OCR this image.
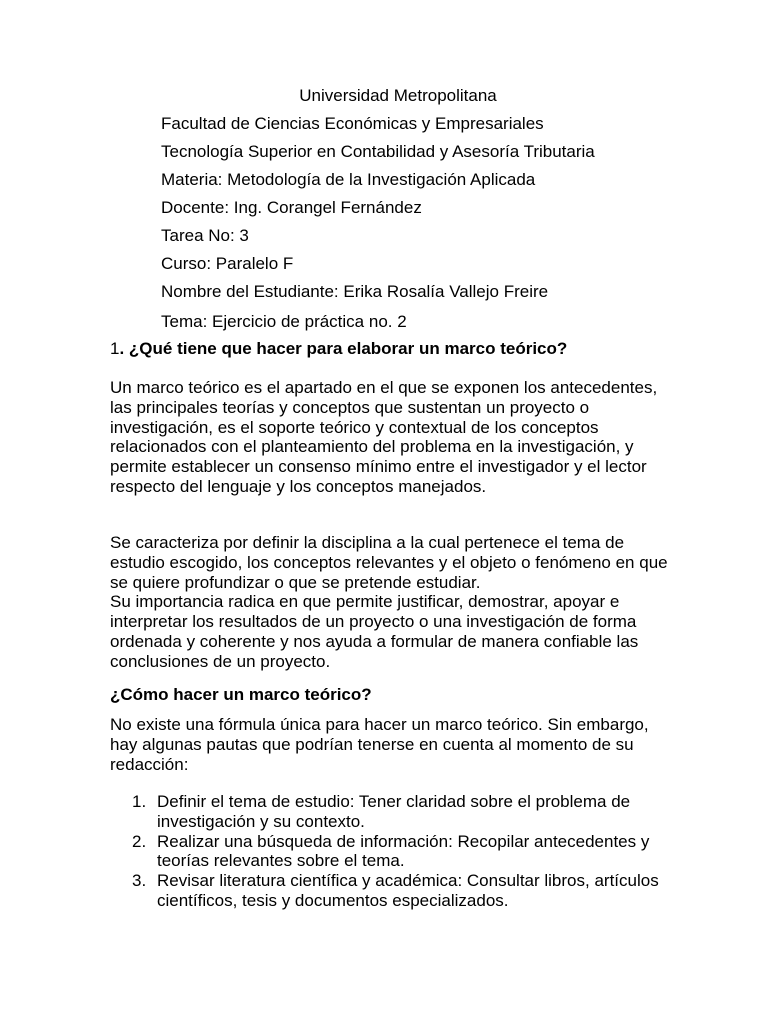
Universidad Metropolitana
Facultad de Ciencias Económicas y Empresariales
Tecnología Superior en Contabilidad y Asesoría Tributaria
Materia: Metodología de la Investigación Aplicada
Docente: Ing. Corangel Fernández
Tarea No: 3
Curso: Paralelo F
Nombre del Estudiante: Erika Rosalía Vallejo Freire
Tema: Ejercicio de práctica no. 2
1. ¿Qué tiene que hacer para elaborar un marco teórico?

Un marco teórico es el apartado en el que se exponen los antecedentes, las principales teorías y conceptos que sustentan un proyecto o investigación, es el soporte teórico y contextual de los conceptos relacionados con el planteamiento del problema en la investigación, y permite establecer un consenso mínimo entre el investigador y el lector respecto del lenguaje y los conceptos manejados.

Se caracteriza por definir la disciplina a la cual pertenece el tema de estudio escogido, los conceptos relevantes y el objeto o fenómeno en que se quiere profundizar o que se pretende estudiar.
Su importancia radica en que permite justificar, demostrar, apoyar e interpretar los resultados de un proyecto o una investigación de forma ordenada y coherente y nos ayuda a formular de manera confiable las conclusiones de un proyecto.
¿Cómo hacer un marco teórico?

No existe una fórmula única para hacer un marco teórico. Sin embargo, hay algunas pautas que podrían tenerse en cuenta al momento de su redacción:

1. Definir el tema de estudio: Tener claridad sobre el problema de investigación y su contexto.
2. Realizar una búsqueda de información: Recopilar antecedentes y teorías relevantes sobre el tema.
3. Revisar literatura científica y académica: Consultar libros, artículos científicos, tesis y documentos especializados.
